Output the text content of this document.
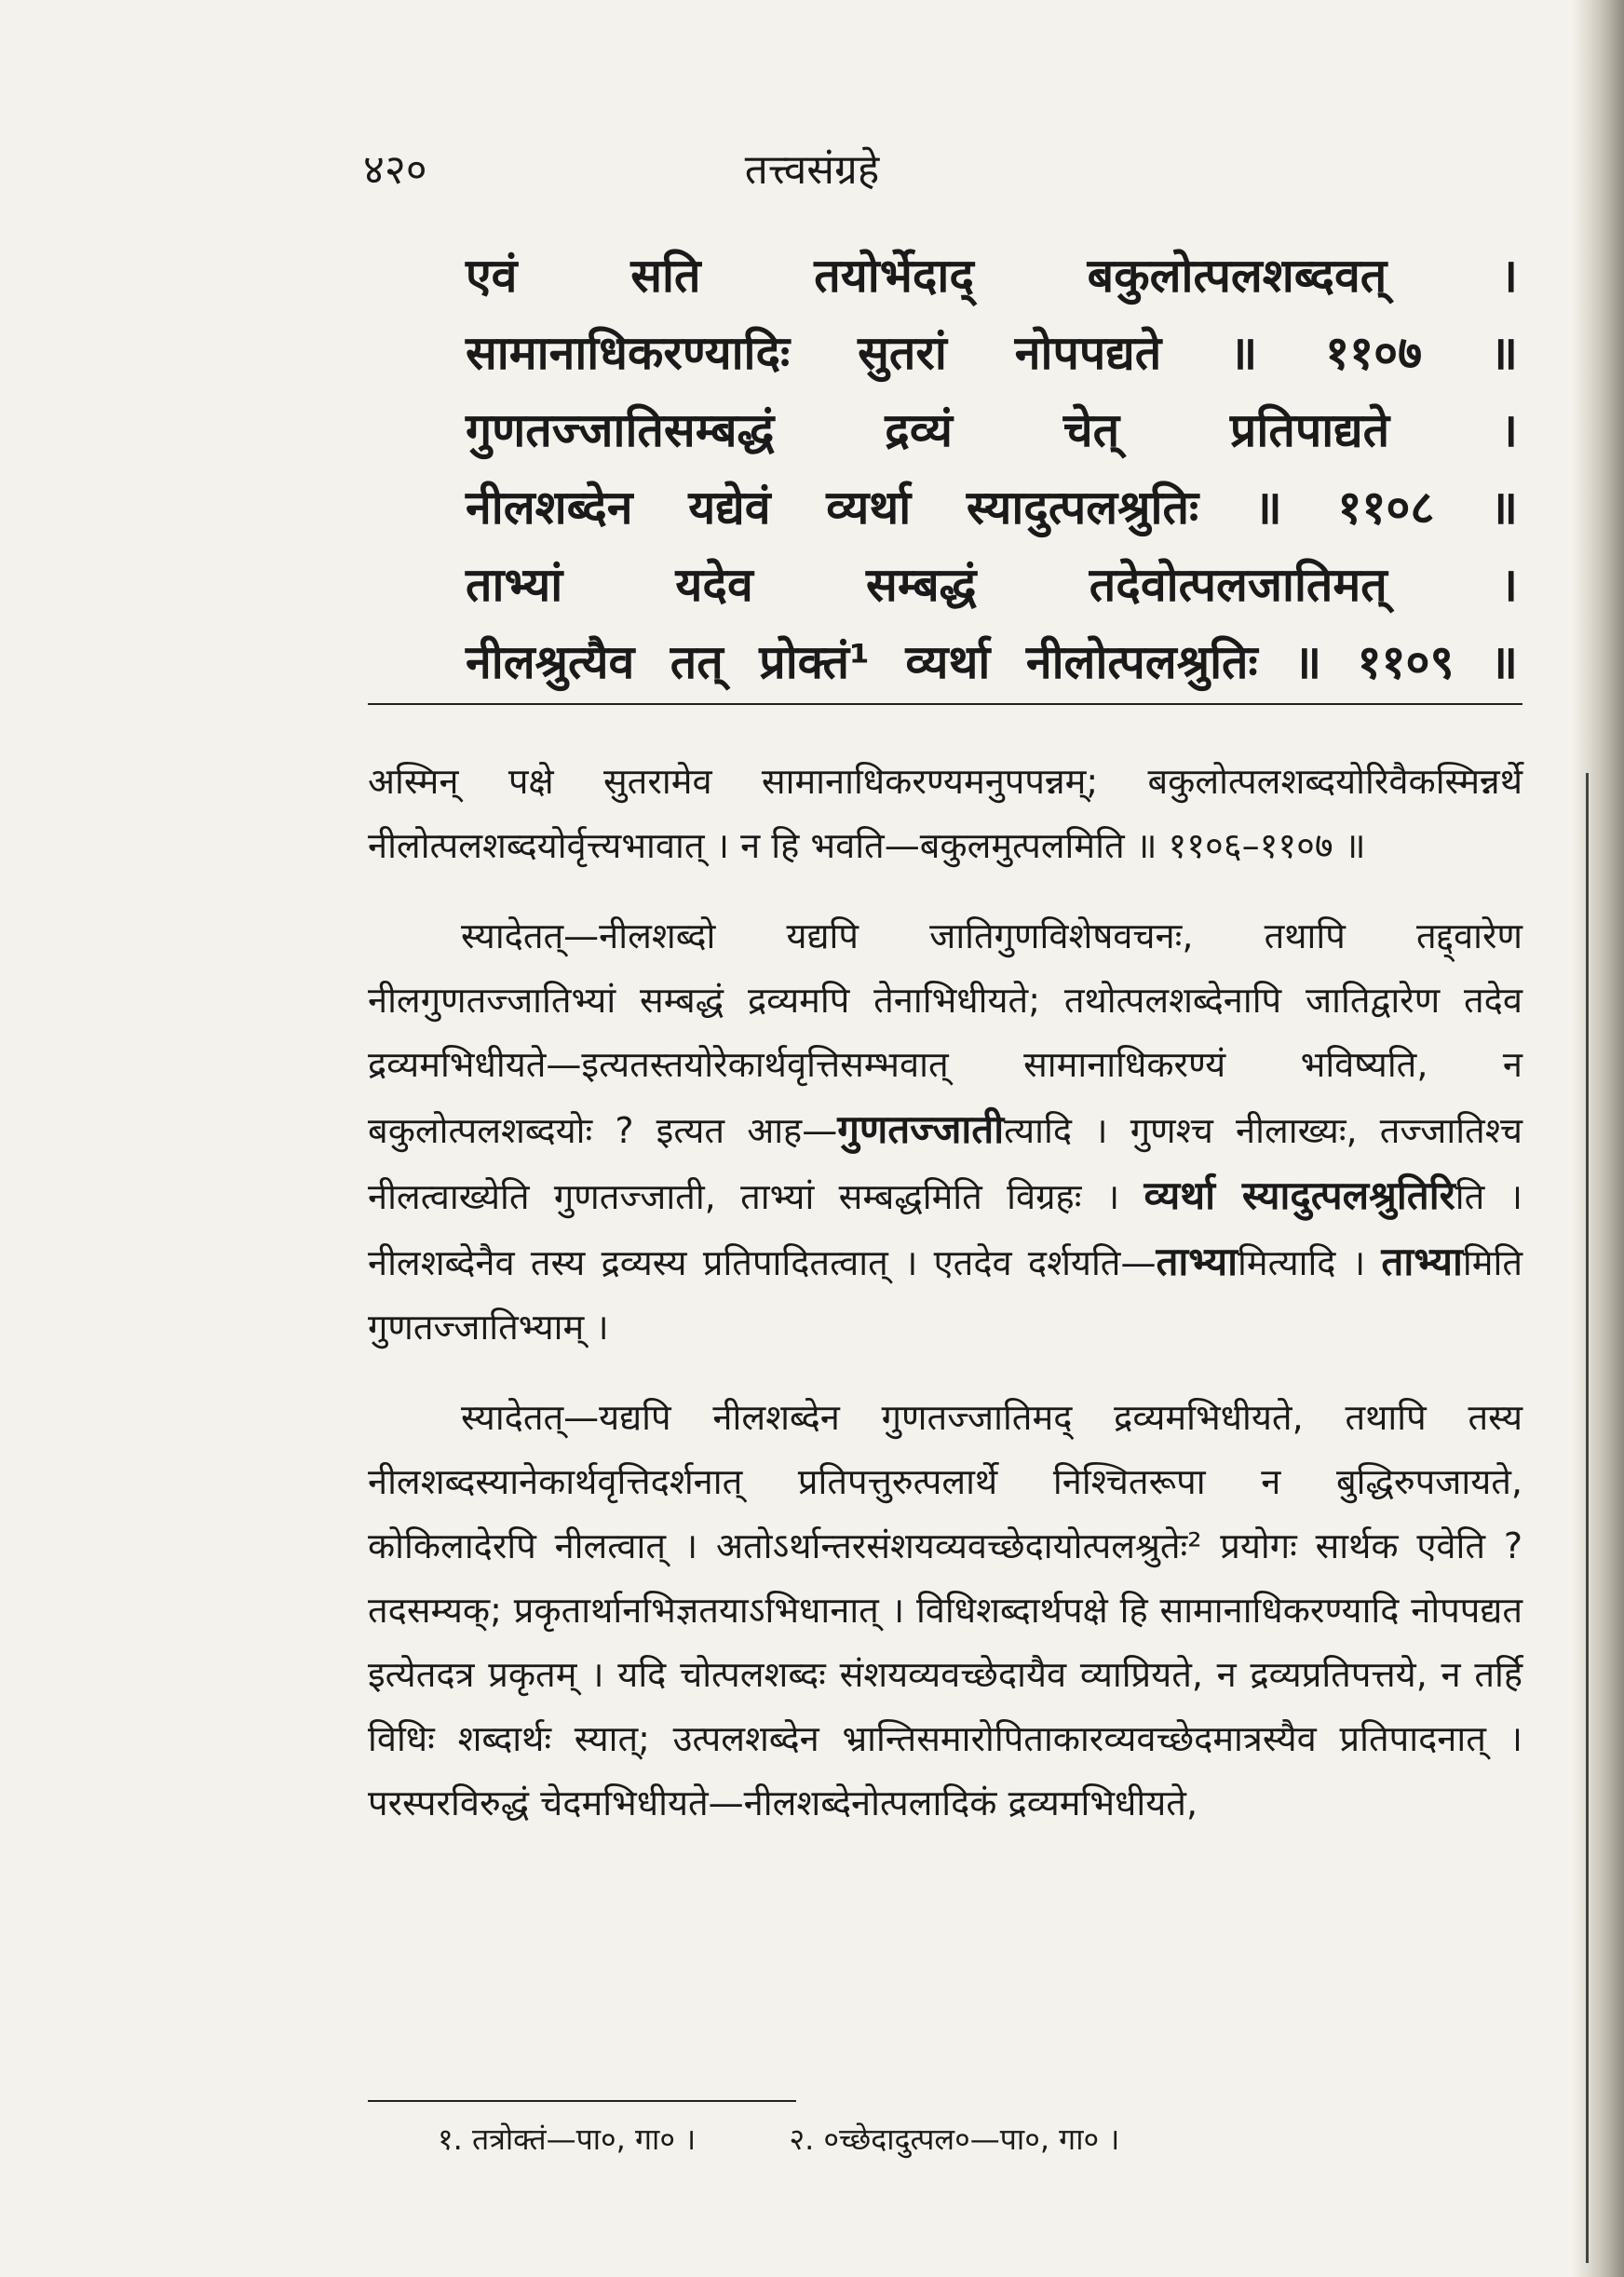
४२०	तत्त्वसंग्रहे
एवं सति तयोर्भेदाद् बकुलोत्पलशब्दवत् ।
सामानाधिकरण्यादिः सुतरां नोपपद्यते ॥ ११०७ ॥
गुणतज्जातिसम्बद्धं द्रव्यं चेत् प्रतिपाद्यते ।
नीलशब्देन यद्येवं व्यर्था स्यादुत्पलश्रुतिः ॥ ११०८ ॥
ताभ्यां यदेव सम्बद्धं तदेवोत्पलजातिमत् ।
नीलश्रुत्यैव तत् प्रोक्तं¹ व्यर्था नीलोत्पलश्रुतिः ॥ ११०९ ॥

अस्मिन् पक्षे सुतरामेव सामानाधिकरण्यमनुपपन्नम्; बकुलोत्पलशब्दयोरिवैकस्मिन्नर्थे नीलोत्पलशब्दयोर्वृत्त्यभावात् । न हि भवति—बकुलमुत्पलमिति ॥ ११०६–११०७ ॥

स्यादेतत्—नीलशब्दो यद्यपि जातिगुणविशेषवचनः, तथापि तद्द्वारेण नीलगुणतज्जातिभ्यां सम्बद्धं द्रव्यमपि तेनाभिधीयते; तथोत्पलशब्देनापि जातिद्वारेण तदेव द्रव्यमभिधीयते—इत्यतस्तयोरेकार्थवृत्तिसम्भवात् सामानाधिकरण्यं भविष्यति, न बकुलोत्पलशब्दयोः ? इत्यत आह—गुणतज्जातीत्यादि । गुणश्च नीलाख्यः, तज्जातिश्च नीलत्वाख्येति गुणतज्जाती, ताभ्यां सम्बद्धमिति विग्रहः । व्यर्था स्यादुत्पलश्रुतिरिति । नीलशब्देनैव तस्य द्रव्यस्य प्रतिपादितत्वात् । एतदेव दर्शयति—ताभ्यामित्यादि । ताभ्यामिति गुणतज्जातिभ्याम् ।

स्यादेतत्—यद्यपि नीलशब्देन गुणतज्जातिमद् द्रव्यमभिधीयते, तथापि तस्य नीलशब्दस्यानेकार्थवृत्तिदर्शनात् प्रतिपत्तुरुत्पलार्थे निश्चितरूपा न बुद्धिरुपजायते, कोकिलादेरपि नीलत्वात् । अतोऽर्थान्तरसंशयव्यवच्छेदायोत्पलश्रुतेः² प्रयोगः सार्थक एवेति ? तदसम्यक्; प्रकृतार्थानभिज्ञतयाऽभिधानात् । विधिशब्दार्थपक्षे हि सामानाधिकरण्यादि नोपपद्यत इत्येतदत्र प्रकृतम् । यदि चोत्पलशब्दः संशयव्यवच्छेदायैव व्याप्रियते, न द्रव्यप्रतिपत्तये, न तर्हि विधिः शब्दार्थः स्यात्; उत्पलशब्देन भ्रान्तिसमारोपिताकारव्यवच्छेदमात्रस्यैव प्रतिपादनात् । परस्परविरुद्धं चेदमभिधीयते—नीलशब्देनोत्पलादिकं द्रव्यमभिधीयते,

१. तत्रोक्तं—पा०, गा० ।	२. ०च्छेदादुत्पल०—पा०, गा० ।
